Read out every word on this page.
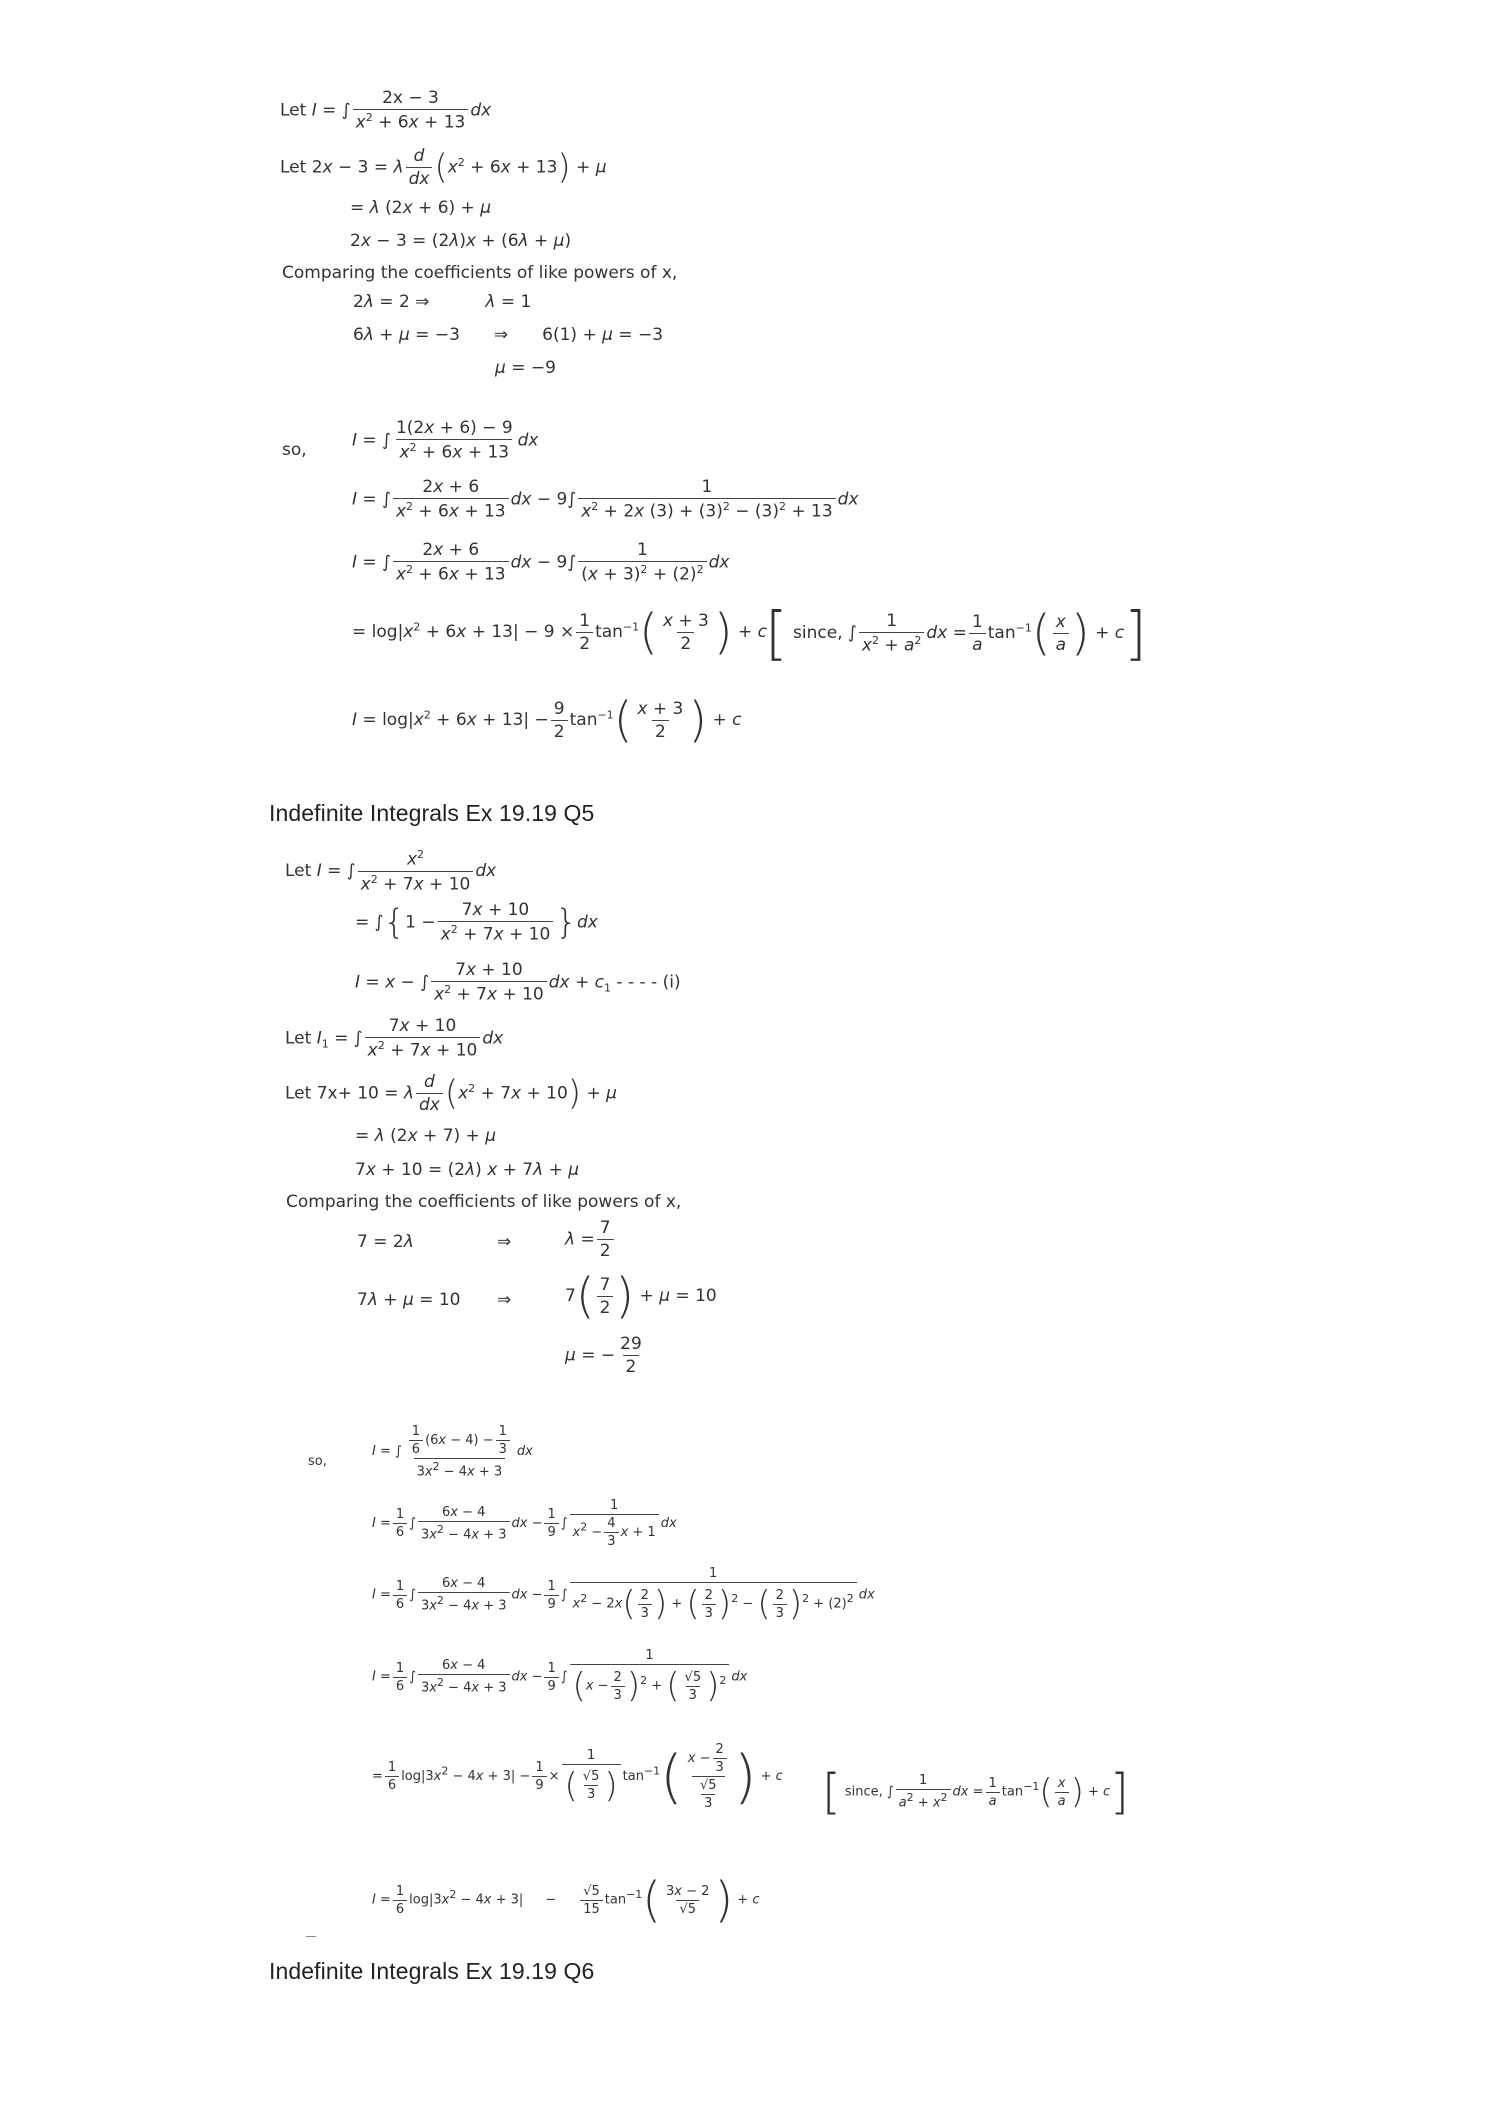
Let I = ∫ $\frac{2x - 3}{x^2 + 6x + 13}$ dx
Let 2x − 3 = λ $\frac{d}{dx} (x^2 + 6x + 13) + \mu$
= λ (2x + 6) + μ
2x − 3 = (2λ)x + (6λ + μ)
Comparing the coefficients of like powers of x,
2λ = 2 ⇒	λ = 1
6λ + μ = −3 ⇒ 6(1) + μ = −3
μ = −9
so,	I = ∫ $\frac{1(2x + 6) - 9}{x^2 + 6x + 13}$ dx
I = ∫ $\frac{2x + 6}{x^2 + 6x + 13}$ dx − $9\int \frac{1}{x^2 + 2x (3) + (3)^2 - (3)^2 + 13}$ dx
I = ∫ $\frac{2x + 6}{x^2 + 6x + 13}$ dx − $9\int \frac{1}{(x + 3)^2 + (2)^2}$ dx
= $\log|x^2 + 6x + 13| - 9 \times \frac{1}{2} \tan^{-1}( \frac{x + 3}{2}$ ) + c
[ since, ∫ $\frac{1}{x^2 + a^2}$ dx = $\frac{1}{a} \tan^{-1}( \frac{x}{a}$ ) + c]
$I = \log|x^2 + 6x + 13| - \frac{9}{2} \tan^{-1}( \frac{x + 3}{2}$ ) + c
Indefinite Integrals Ex 19.19 Q5
Let I = ∫ $\frac{x^2}{x^2 + 7x + 10}$ dx
= $\int\{1 - \frac{7x + 10}{x^2 + 7x + 10} \}dx$
I = x − ∫ $\frac{7x + 10}{x^2 + 7x + 10}$ dx + $c_1$ - - - - (i)
Let $I_1$ = ∫ $\frac{7x + 10}{x^2 + 7x + 10}$ dx
Let 7x+ 10 = λ $\frac{d}{dx} (x^2 + 7x + 10) + \mu$
= λ (2x + 7) + μ
7x + 10 = (2λ) x + 7λ + μ
Comparing the coefficients of like powers of x,
7 = 2λ	⇒	$\lambda = \frac{7}{2}$
7λ + μ = 10 ⇒	$7( \frac{7}{2}$ ) + μ = 10
μ = − $\frac{29}{2}$
so,
I = ∫ $\frac{\frac{1}{6} (6x - 4) - \frac{1}{3}}{3x^2 - 4x + 3}$ dx
$I = \frac{1}{6}$ ∫ $\frac{6x - 4}{3x^2 - 4x + 3}$ dx − $\frac{1}{9}$ ∫ $\frac{1}{x^2 - \frac{4}{3} x + 1}$ dx
$I = \frac{1}{6}$ ∫ $\frac{6x - 4}{3x^2 - 4x + 3}$ dx − $\frac{1}{9}$ ∫ $\frac{1}{x^2 - 2x( \frac{2}{3} ) + ( \frac{2}{3} )^2 - ( \frac{2}{3} )^2 + (2)^2}$ dx
$I = \frac{1}{6}$ ∫ $\frac{6x - 4}{3x^2 - 4x + 3}$ dx − $\frac{1}{9}$ ∫ $\frac{1}{(x - \frac{2}{3} )^2 + ( \frac{√5}{3} )^2}$ dx
= $\frac{1}{6} \log|3x^2 - 4x + 3| - \frac{1}{9} \times \frac{1}{( \frac{√5}{3} )} \tan^{-1}( \frac{x - \frac{2}{3}}{\frac{√5}{3}}$ ) + c [ since, ∫ $\frac{1}{a^2 + x^2}$ dx = $\frac{1}{a} \tan^{-1}( \frac{x}{a}$ ) + c]
$I = \frac{1}{6} \log|3x^2 - 4x + 3| - \frac{√5}{15} \tan^{-1}( \frac{3x - 2}{√5}$ ) + c
Indefinite Integrals Ex 19.19 Q6
